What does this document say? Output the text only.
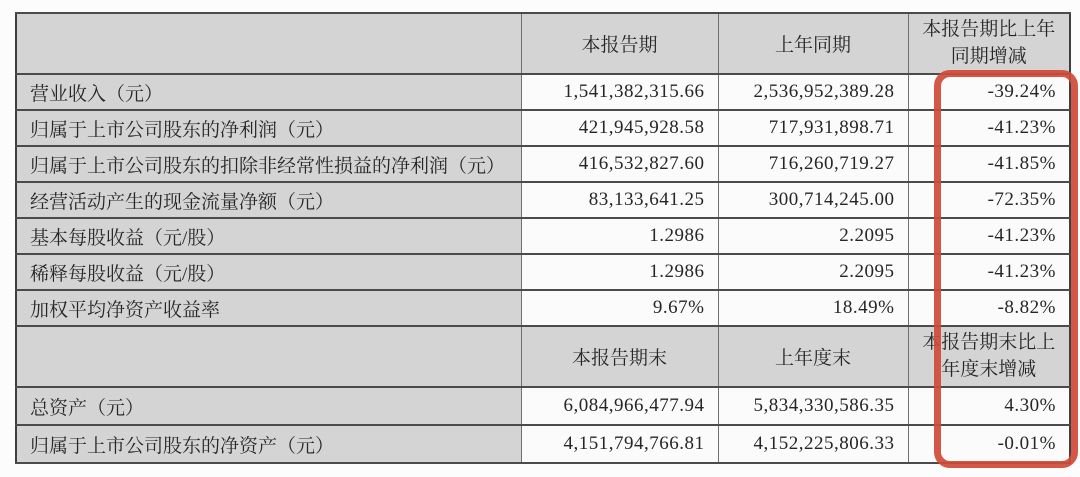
	本报告期	上年同期	本报告期比上年
同期增减

营业收入（元）	1,541,382,315.66	2,536,952,389.28	-39.24%
归属于上市公司股东的净利润（元）	421,945,928.58	717,931,898.71	-41.23%
归属于上市公司股东的扣除非经常性损益的净利润（元）	416,532,827.60	716,260,719.27	-41.85%
经营活动产生的现金流量净额（元）	83,133,641.25	300,714,245.00	-72.35%
基本每股收益（元/股）	1.2986	2.2095	-41.23%
稀释每股收益（元/股）	1.2986	2.2095	-41.23%
加权平均净资产收益率	9.67%	18.49%	-8.82%
	本报告期末	上年度末	本报告期末比上
年度末增减

总资产（元）	6,084,966,477.94	5,834,330,586.35	4.30%
归属于上市公司股东的净资产（元）	4,151,794,766.81	4,152,225,806.33	-0.01%
